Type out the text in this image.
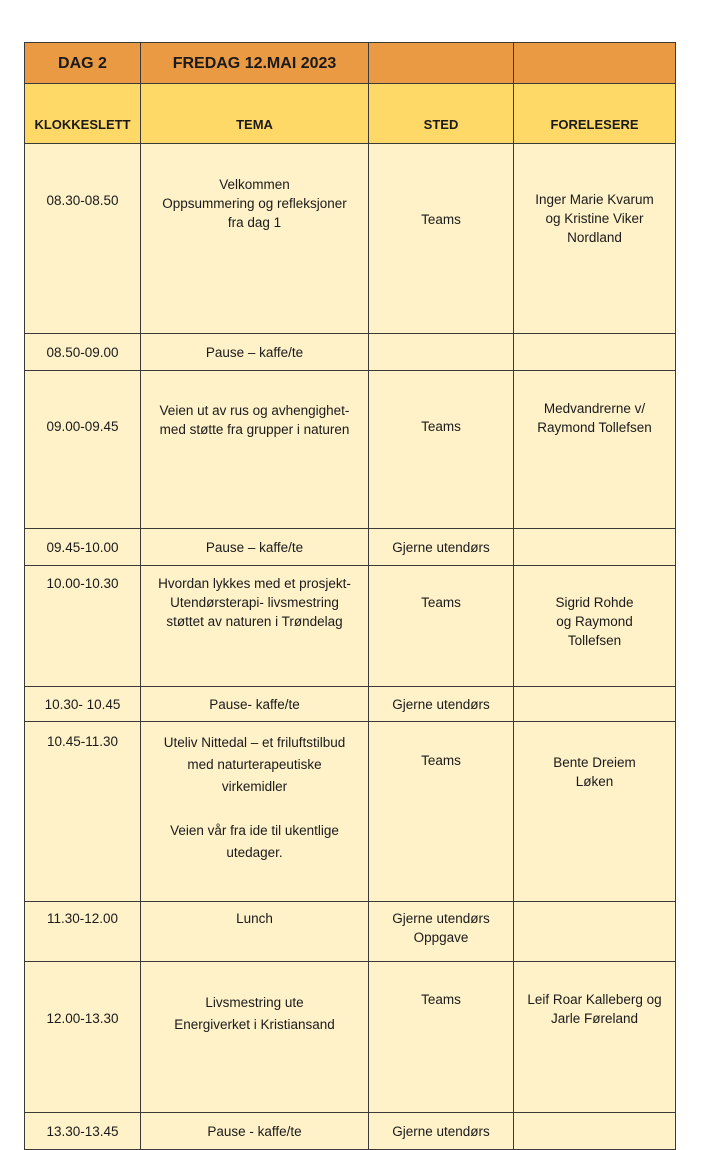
DAG 2	FREDAG 12.MAI 2023		
KLOKKESLETT	TEMA	STED	FORELESERE
08.30-08.50	Velkommen
Oppsummering og refleksjoner
fra dag 1	Teams	Inger Marie Kvarum
og Kristine Viker
Nordland
08.50-09.00	Pause – kaffe/te		
09.00-09.45	Veien ut av rus og avhengighet-
med støtte fra grupper i naturen	Teams	Medvandrerne v/
Raymond Tollefsen
09.45-10.00	Pause – kaffe/te	Gjerne utendørs	
10.00-10.30	Hvordan lykkes med et prosjekt-
Utendørsterapi- livsmestring
støttet av naturen i Trøndelag	Teams	Sigrid Rohde
og Raymond
Tollefsen
10.30- 10.45	Pause- kaffe/te	Gjerne utendørs	
10.45-11.30	Uteliv Nittedal – et friluftstilbud
med naturterapeutiske
virkemidler

Veien vår fra ide til ukentlige
utedager.	Teams	Bente Dreiem
Løken
11.30-12.00	Lunch	Gjerne utendørs
Oppgave	
12.00-13.30	Livsmestring ute
Energiverket i Kristiansand	Teams	Leif Roar Kalleberg og
Jarle Føreland
13.30-13.45	Pause - kaffe/te	Gjerne utendørs	
